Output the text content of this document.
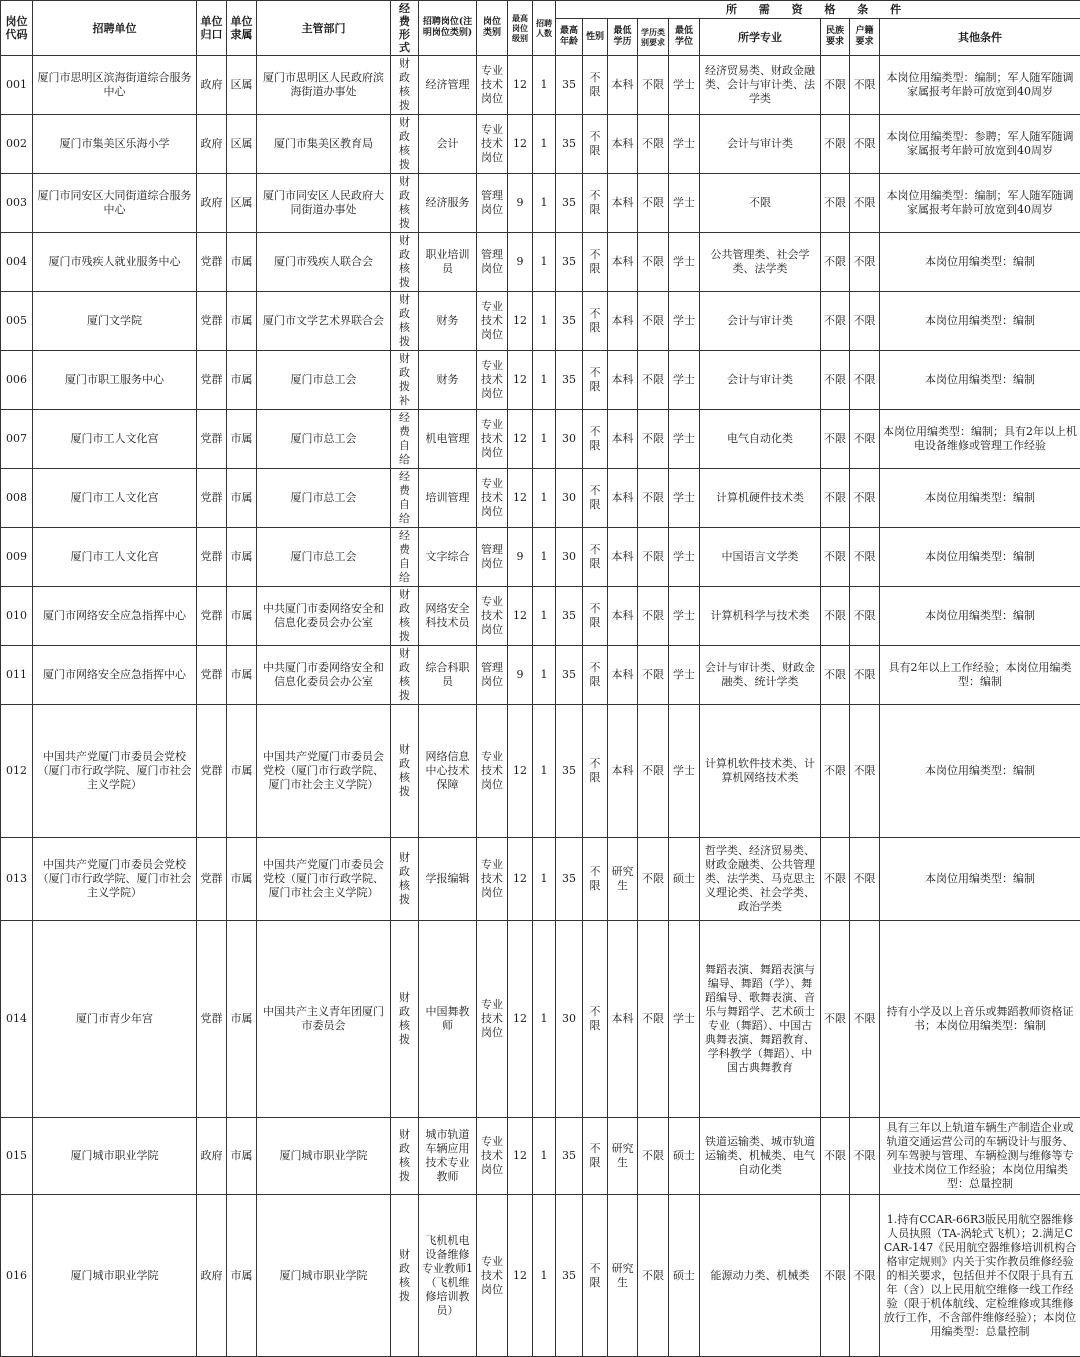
岗位代码	招聘单位	单位归口	单位隶属	主管部门	经费形式	招聘岗位(注明岗位类别)	岗位类别	最高岗位级别	招聘人数	所 需 资 格 条 件								
										最高年龄	性别	最低学历	学历类别要求	最低学位	所学专业	民族要求	户籍要求	其他条件
001	厦门市思明区滨海街道综合服务中心	政府	区属	厦门市思明区人民政府滨海街道办事处	财政核拨	经济管理	专业技术岗位	12	1	35	不限	本科	不限	学士	经济贸易类、财政金融类、会计与审计类、法学类	不限	不限	本岗位用编类型：编制；军人随军随调家属报考年龄可放宽到40周岁
002	厦门市集美区乐海小学	政府	区属	厦门市集美区教育局	财政核拨	会计	专业技术岗位	12	1	35	不限	本科	不限	学士	会计与审计类	不限	不限	本岗位用编类型：参聘；军人随军随调家属报考年龄可放宽到40周岁
003	厦门市同安区大同街道综合服务中心	政府	区属	厦门市同安区人民政府大同街道办事处	财政核拨	经济服务	管理岗位	9	1	35	不限	本科	不限	学士	不限	不限	不限	本岗位用编类型：编制；军人随军随调家属报考年龄可放宽到40周岁
004	厦门市残疾人就业服务中心	党群	市属	厦门市残疾人联合会	财政核拨	职业培训员	管理岗位	9	1	35	不限	本科	不限	学士	公共管理类、社会学类、法学类	不限	不限	本岗位用编类型：编制
005	厦门文学院	党群	市属	厦门市文学艺术界联合会	财政核拨	财务	专业技术岗位	12	1	35	不限	本科	不限	学士	会计与审计类	不限	不限	本岗位用编类型：编制
006	厦门市职工服务中心	党群	市属	厦门市总工会	财政拨补	财务	专业技术岗位	12	1	35	不限	本科	不限	学士	会计与审计类	不限	不限	本岗位用编类型：编制
007	厦门市工人文化宫	党群	市属	厦门市总工会	经费自给	机电管理	专业技术岗位	12	1	30	不限	本科	不限	学士	电气自动化类	不限	不限	本岗位用编类型：编制；具有2年以上机电设备维修或管理工作经验
008	厦门市工人文化宫	党群	市属	厦门市总工会	经费自给	培训管理	专业技术岗位	12	1	30	不限	本科	不限	学士	计算机硬件技术类	不限	不限	本岗位用编类型：编制
009	厦门市工人文化宫	党群	市属	厦门市总工会	经费自给	文字综合	管理岗位	9	1	30	不限	本科	不限	学士	中国语言文学类	不限	不限	本岗位用编类型：编制
010	厦门市网络安全应急指挥中心	党群	市属	中共厦门市委网络安全和信息化委员会办公室	财政核拨	网络安全科技术员	专业技术岗位	12	1	35	不限	本科	不限	学士	计算机科学与技术类	不限	不限	本岗位用编类型：编制
011	厦门市网络安全应急指挥中心	党群	市属	中共厦门市委网络安全和信息化委员会办公室	财政核拨	综合科职员	管理岗位	9	1	35	不限	本科	不限	学士	会计与审计类、财政金融类、统计学类	不限	不限	具有2年以上工作经验；本岗位用编类型：编制
012	中国共产党厦门市委员会党校（厦门市行政学院、厦门市社会主义学院）	党群	市属	中国共产党厦门市委员会党校（厦门市行政学院、厦门市社会主义学院）	财政核拨	网络信息中心技术保障	专业技术岗位	12	1	35	不限	本科	不限	学士	计算机软件技术类、计算机网络技术类	不限	不限	本岗位用编类型：编制
013	中国共产党厦门市委员会党校（厦门市行政学院、厦门市社会主义学院）	党群	市属	中国共产党厦门市委员会党校（厦门市行政学院、厦门市社会主义学院）	财政核拨	学报编辑	专业技术岗位	12	1	35	不限	研究生	不限	硕士	哲学类、经济贸易类、财政金融类、公共管理类、法学类、马克思主义理论类、社会学类、政治学类	不限	不限	本岗位用编类型：编制
014	厦门市青少年宫	党群	市属	中国共产主义青年团厦门市委员会	财政核拨	中国舞教师	专业技术岗位	12	1	30	不限	本科	不限	学士	舞蹈表演、舞蹈表演与编导、舞蹈（学）、舞蹈编导、歌舞表演、音乐与舞蹈学、艺术硕士专业（舞蹈）、中国古典舞表演、舞蹈教育、学科教学（舞蹈）、中国古典舞教育	不限	不限	持有小学及以上音乐或舞蹈教师资格证书；本岗位用编类型：编制
015	厦门城市职业学院	政府	市属	厦门城市职业学院	财政核拨	城市轨道车辆应用技术专业教师	专业技术岗位	12	1	35	不限	研究生	不限	硕士	铁道运输类、城市轨道运输类、机械类、电气自动化类	不限	不限	具有三年以上轨道车辆生产制造企业或轨道交通运营公司的车辆设计与服务、列车驾驶与管理、车辆检测与维修等专业技术岗位工作经验；本岗位用编类型：总量控制
016	厦门城市职业学院	政府	市属	厦门城市职业学院	财政核拨	飞机机电设备维修专业教师1（飞机维修培训教员）	专业技术岗位	12	1	35	不限	研究生	不限	硕士	能源动力类、机械类	不限	不限	1.持有CCAR-66R3版民用航空器维修人员执照（TA-涡轮式飞机）；2.满足CCAR-147《民用航空器维修培训机构合格审定规则》内关于实作教员维修经验的相关要求，包括但并不仅限于具有五年（含）以上民用航空维修一线工作经验（限于机体航线、定检维修或其维修放行工作，不含部件维修经验）；本岗位用编类型：总量控制
